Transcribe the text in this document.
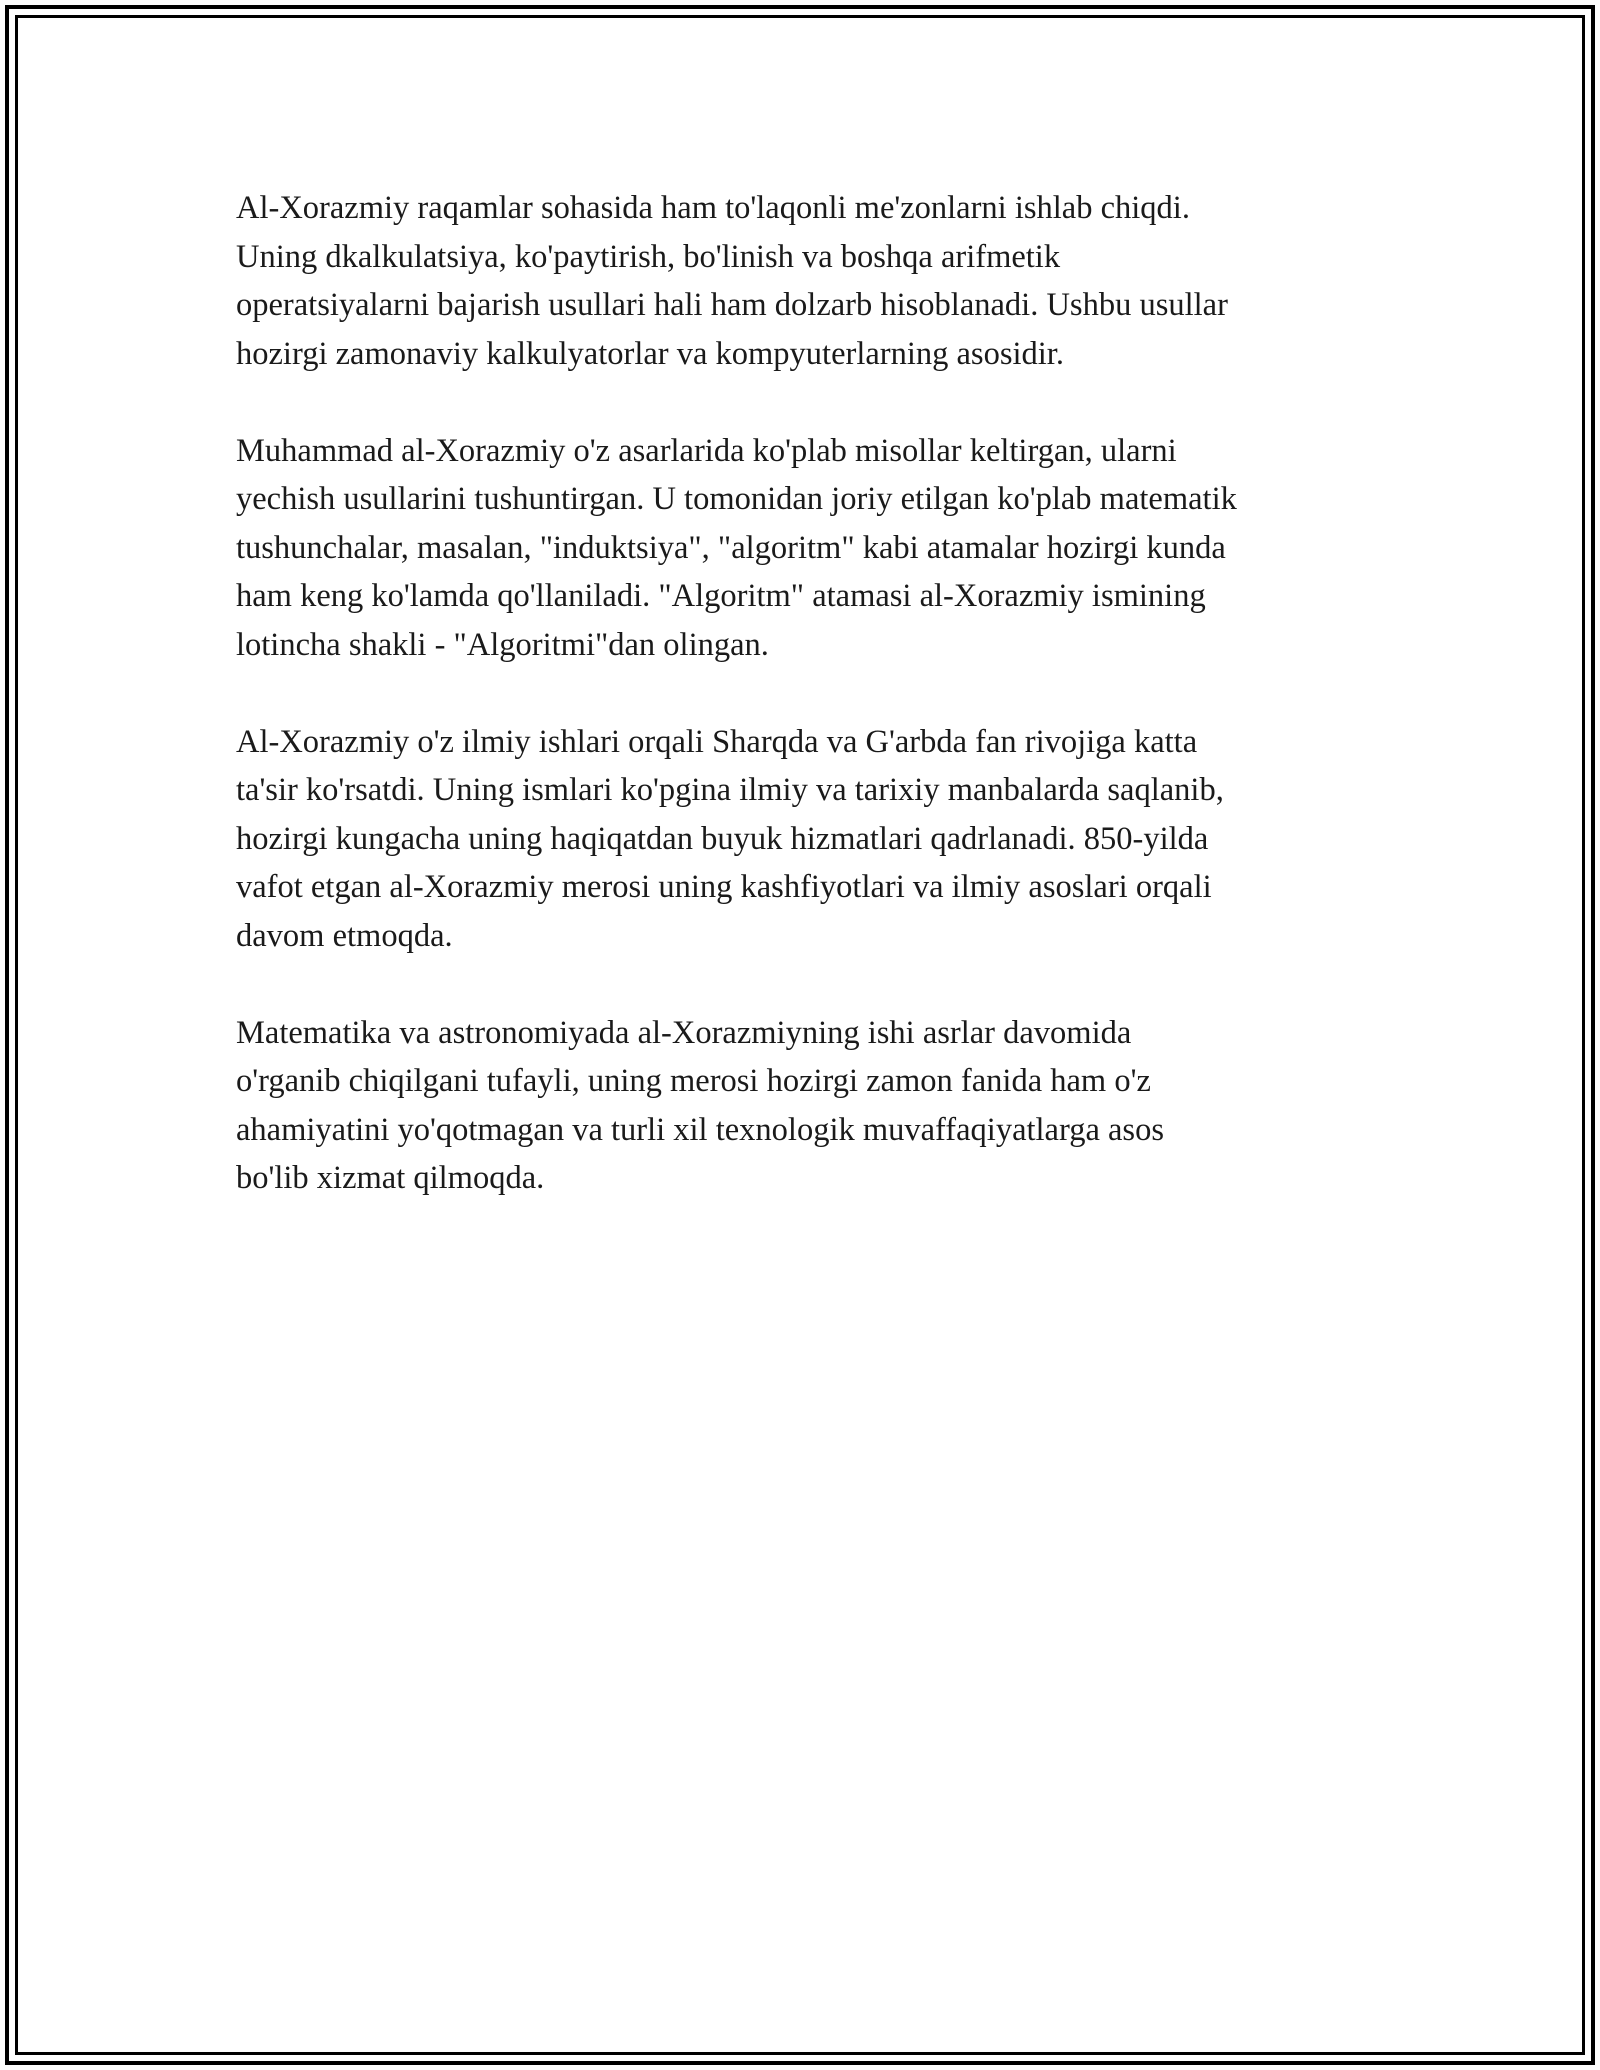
Al-Xorazmiy raqamlar sohasida ham to'laqonli me'zonlarni ishlab chiqdi.
Uning dkalkulatsiya, ko'paytirish, bo'linish va boshqa arifmetik
operatsiyalarni bajarish usullari hali ham dolzarb hisoblanadi. Ushbu usullar
hozirgi zamonaviy kalkulyatorlar va kompyuterlarning asosidir.

Muhammad al-Xorazmiy o'z asarlarida ko'plab misollar keltirgan, ularni
yechish usullarini tushuntirgan. U tomonidan joriy etilgan ko'plab matematik
tushunchalar, masalan, "induktsiya", "algoritm" kabi atamalar hozirgi kunda
ham keng ko'lamda qo'llaniladi. "Algoritm" atamasi al-Xorazmiy ismining
lotincha shakli - "Algoritmi"dan olingan.

Al-Xorazmiy o'z ilmiy ishlari orqali Sharqda va G'arbda fan rivojiga katta
ta'sir ko'rsatdi. Uning ismlari ko'pgina ilmiy va tarixiy manbalarda saqlanib,
hozirgi kungacha uning haqiqatdan buyuk hizmatlari qadrlanadi. 850-yilda
vafot etgan al-Xorazmiy merosi uning kashfiyotlari va ilmiy asoslari orqali
davom etmoqda.

Matematika va astronomiyada al-Xorazmiyning ishi asrlar davomida
o'rganib chiqilgani tufayli, uning merosi hozirgi zamon fanida ham o'z
ahamiyatini yo'qotmagan va turli xil texnologik muvaffaqiyatlarga asos
bo'lib xizmat qilmoqda.
